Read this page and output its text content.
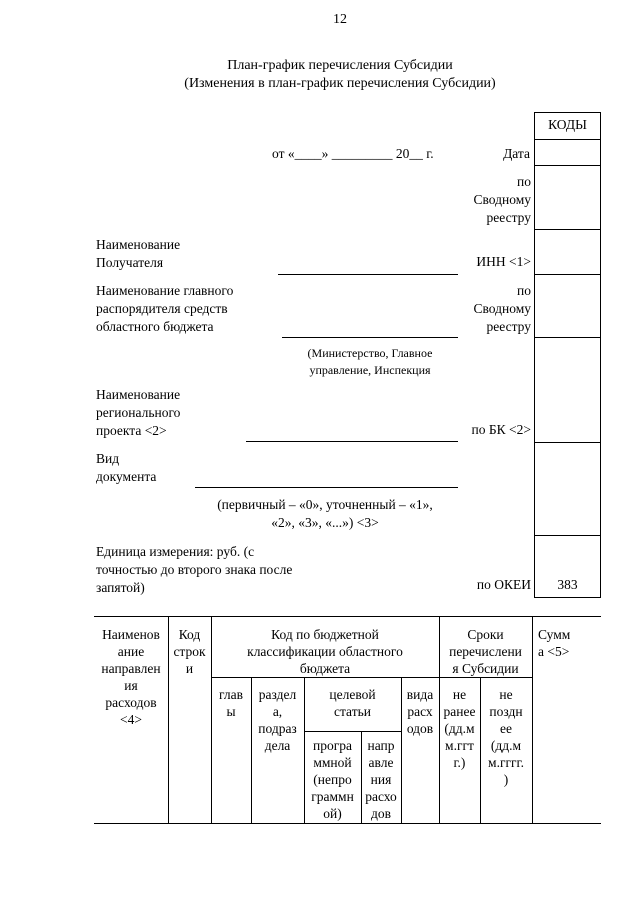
12
План-график перечисления Субсидии
(Изменения в план-график перечисления Субсидии)
КОДЫ
383
от «____» _________ 20__ г.	Дата
по
Сводному
реестру
ИНН <1>
по
Сводному
реестру
по БК <2>
по ОКЕИ
Наименование
Получателя
Наименование главного
распорядителя средств
областного бюджета
(Министерство, Главное
управление, Инспекция
Наименование
регионального
проекта <2>
Вид
документа
(первичный – «0», уточненный – «1»,
«2», «3», «...») <3>
Единица измерения: руб. (с
точностью до второго знака после
запятой)
Наименов
ание
направлен
ия
расходов
<4>
Код
строк
и
Код по бюджетной
классификации областного
бюджета
Сроки
перечислени
я Субсидии
Сумм
а <5>
глав
ы
раздел
а,
подраз
дела
целевой
статьи
вида
расх
одов
не
ранее
(дд.м
м.ггт
г.)
не
поздн
ее
(дд.м
м.гггг.
)
програ
ммной
(непро
граммн
ой)
напр
авле
ния
расхо
дов
